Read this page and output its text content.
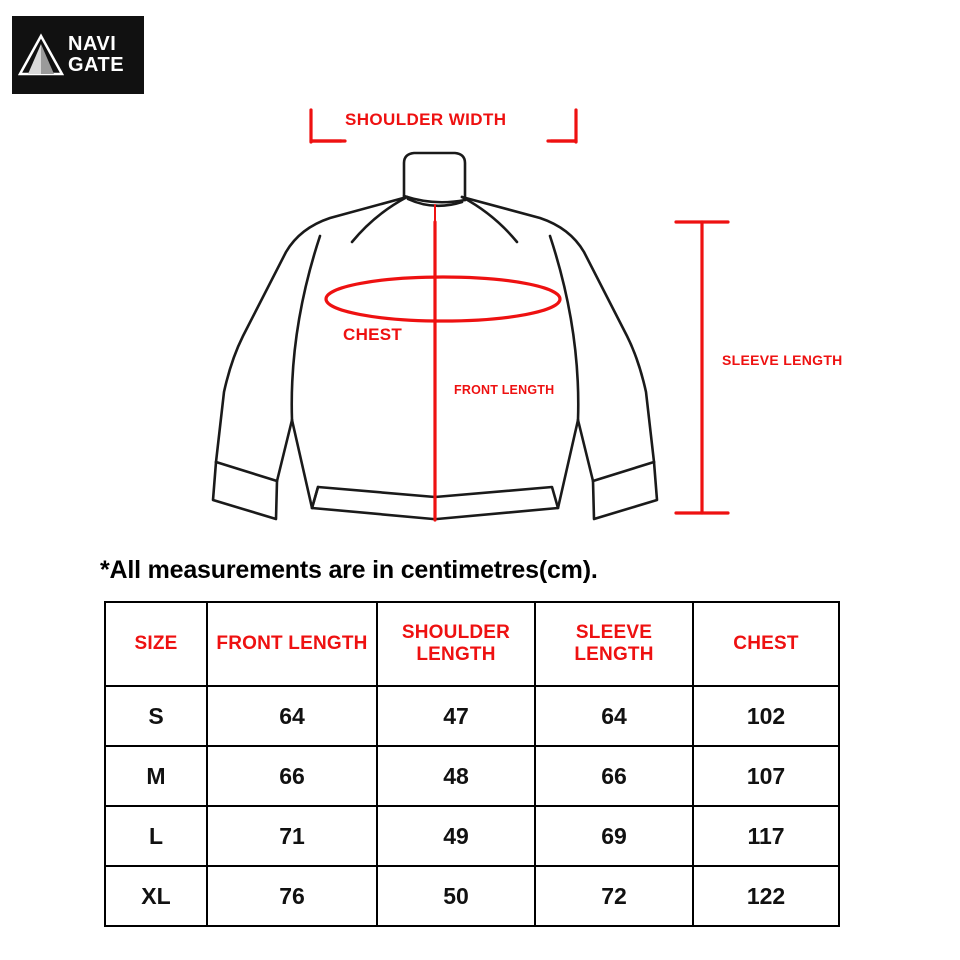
NAVI
GATE
SHOULDER WIDTH
CHEST
FRONT LENGTH
SLEEVE LENGTH
*All measurements are in centimetres(cm).
SIZE	FRONT LENGTH	SHOULDER LENGTH	SLEEVE LENGTH	CHEST
S	64	47	64	102
M	66	48	66	107
L	71	49	69	117
XL	76	50	72	122
